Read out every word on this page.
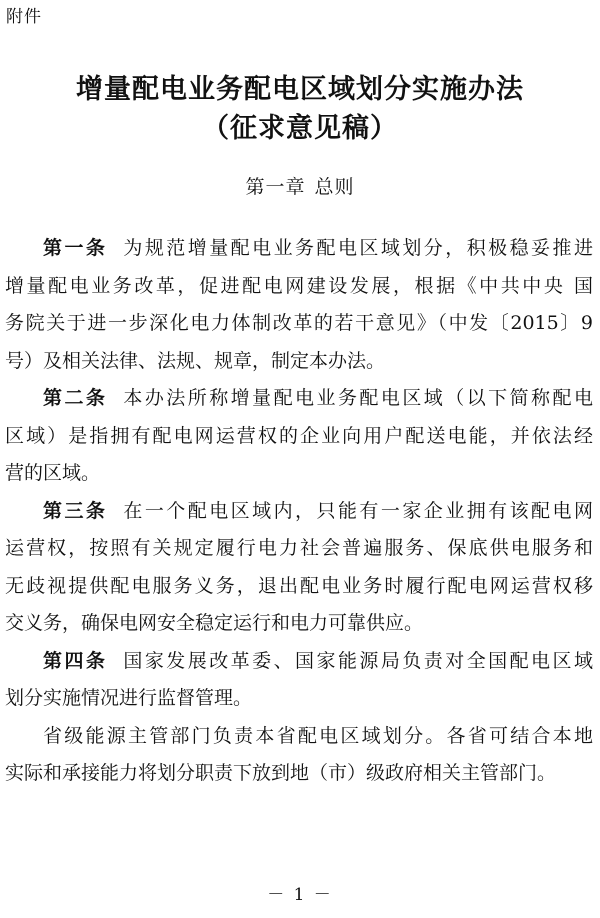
附件
增量配电业务配电区域划分实施办法
（征求意见稿）
第一章 总则
第一条 为规范增量配电业务配电区域划分，积极稳妥推进
增量配电业务改革，促进配电网建设发展，根据《中共中央 国
务院关于进一步深化电力体制改革的若干意见》（中发〔2015〕9
号）及相关法律、法规、规章，制定本办法。
第二条 本办法所称增量配电业务配电区域（以下简称配电
区域）是指拥有配电网运营权的企业向用户配送电能，并依法经
营的区域。
第三条 在一个配电区域内，只能有一家企业拥有该配电网
运营权，按照有关规定履行电力社会普遍服务、保底供电服务和
无歧视提供配电服务义务，退出配电业务时履行配电网运营权移
交义务，确保电网安全稳定运行和电力可靠供应。
第四条 国家发展改革委、国家能源局负责对全国配电区域
划分实施情况进行监督管理。
省级能源主管部门负责本省配电区域划分。各省可结合本地
实际和承接能力将划分职责下放到地（市）级政府相关主管部门。
－ 1 －
